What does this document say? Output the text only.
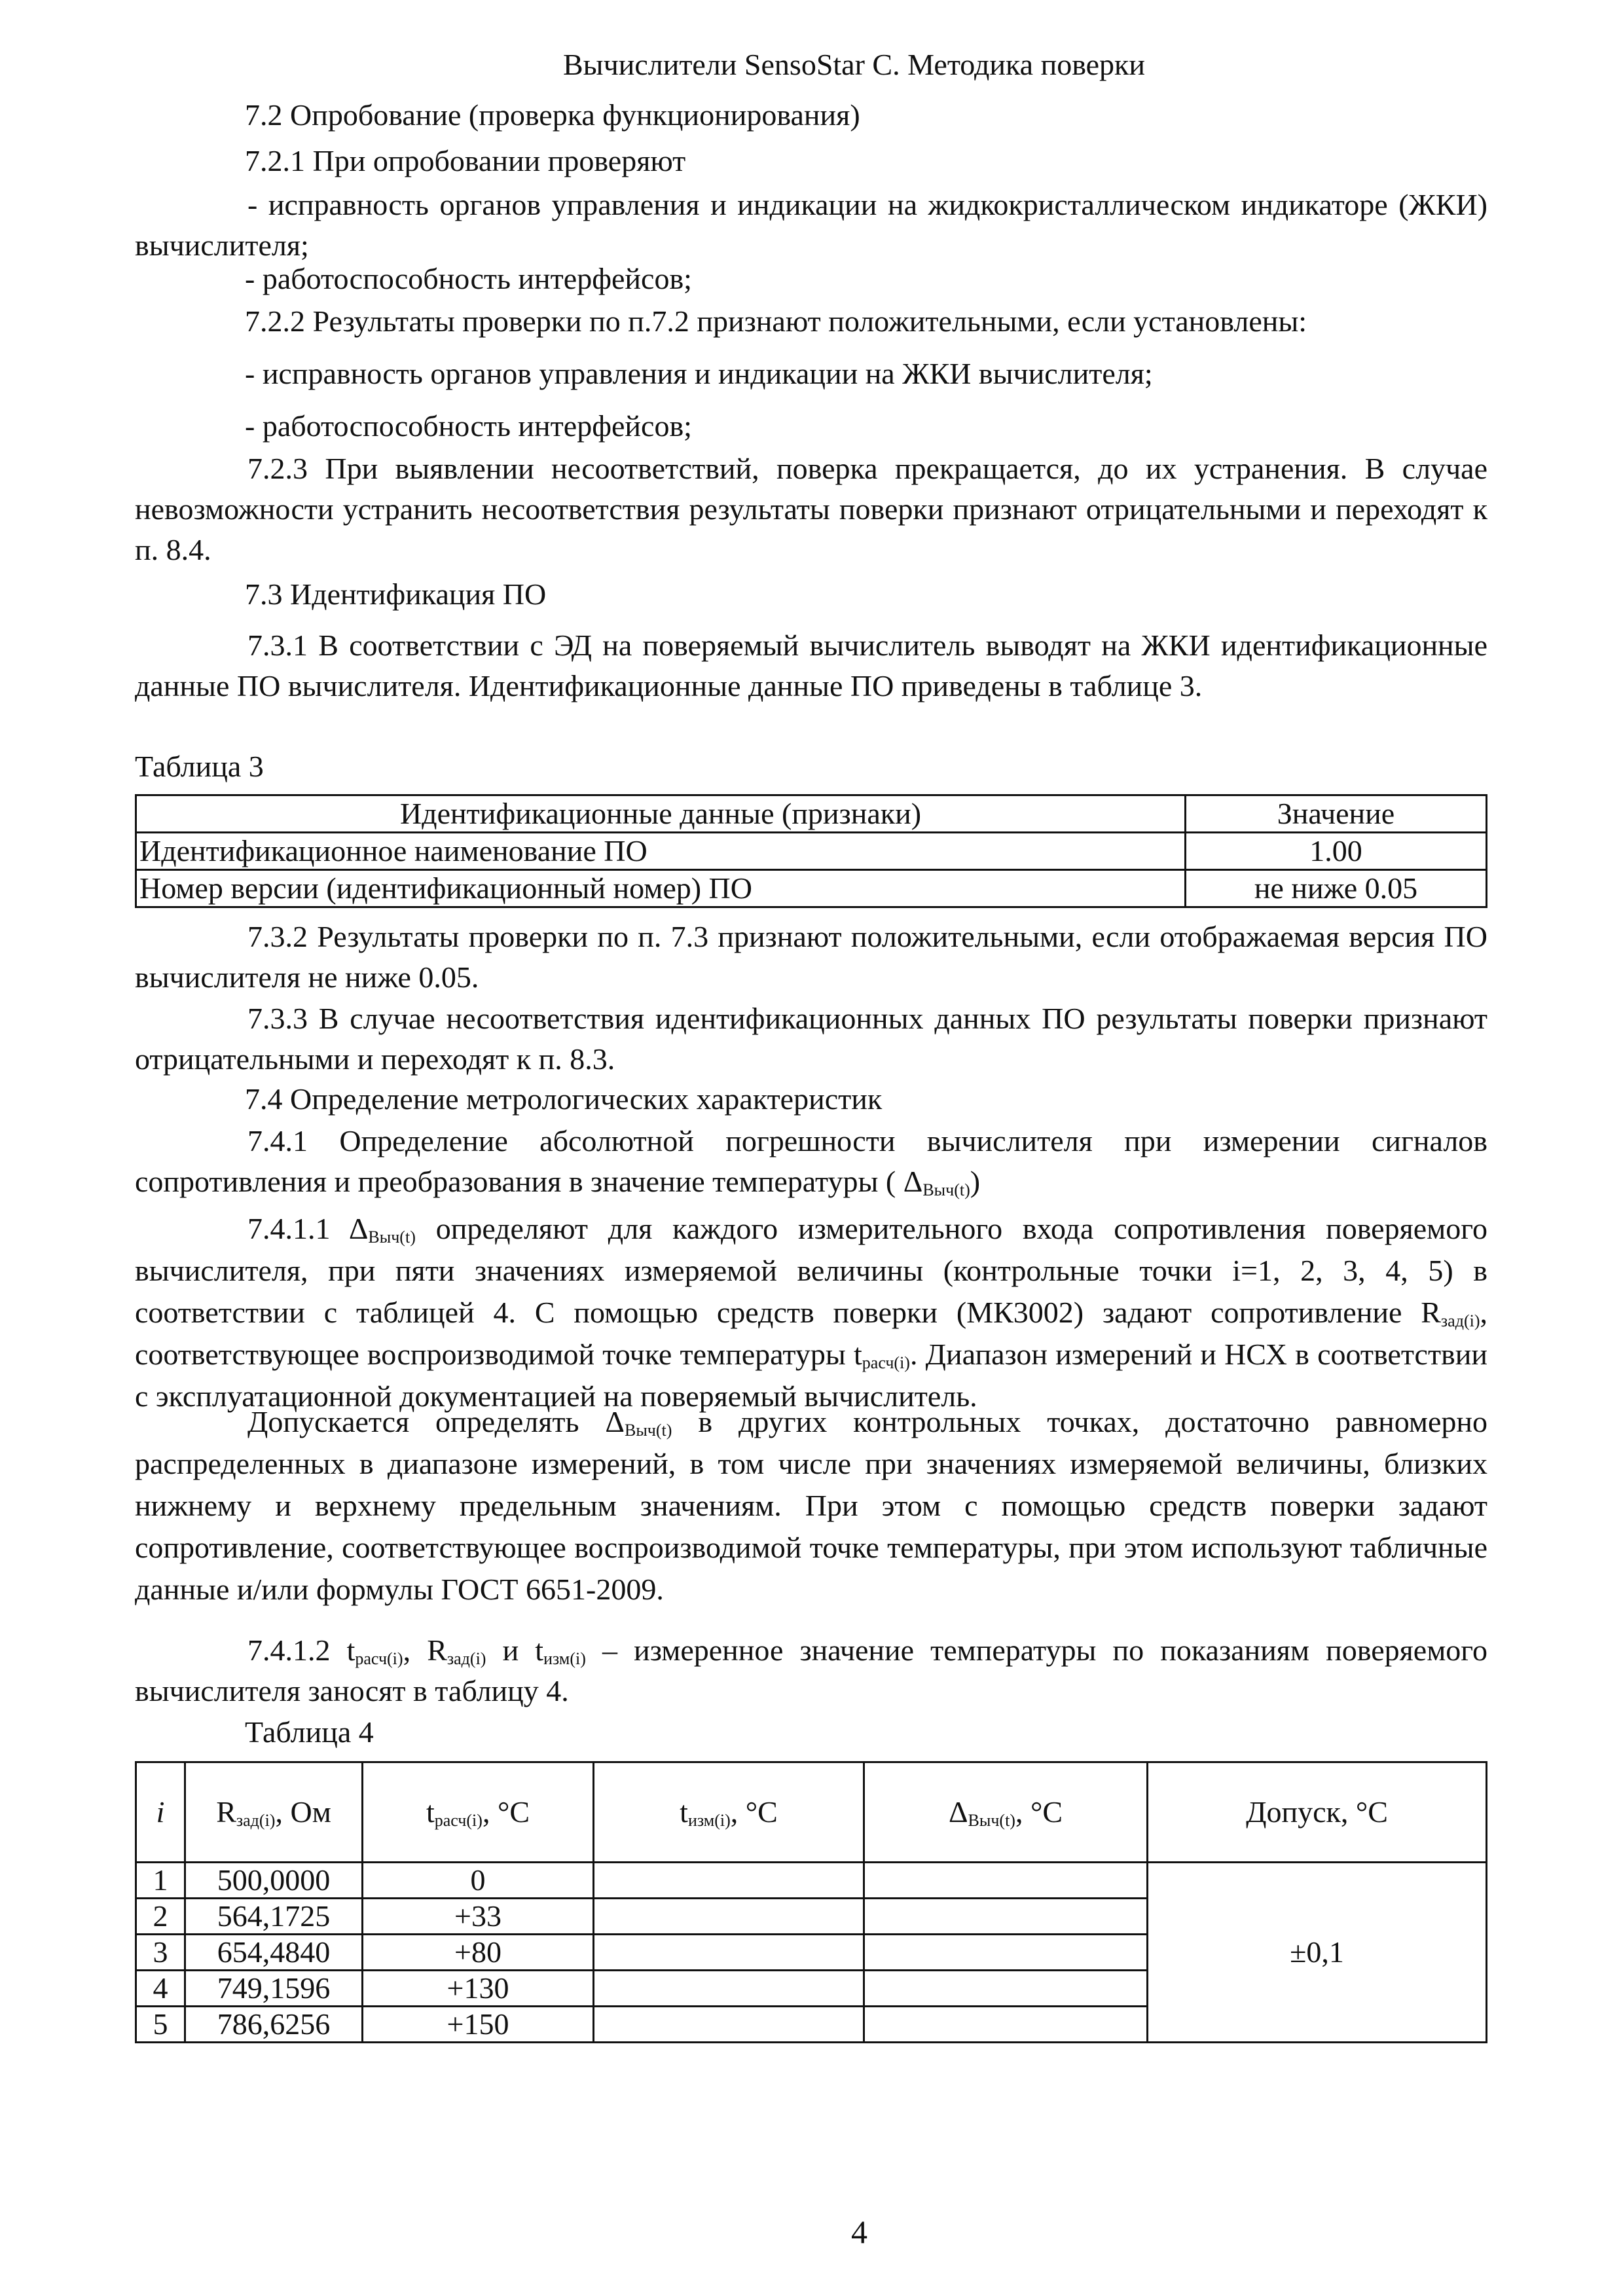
Вычислители SensoStar C. Методика поверки
7.2 Опробование (проверка функционирования)
7.2.1 При опробовании проверяют
- исправность органов управления и индикации на жидкокристаллическом индикаторе (ЖКИ) вычислителя;
- работоспособность интерфейсов;
7.2.2 Результаты проверки по п.7.2 признают положительными, если установлены:
- исправность органов управления и индикации на ЖКИ вычислителя;
- работоспособность интерфейсов;
7.2.3 При выявлении несоответствий, поверка прекращается, до их устранения. В случае невозможности устранить несоответствия результаты поверки признают отрицательными и переходят к п. 8.4.
7.3 Идентификация ПО
7.3.1 В соответствии с ЭД на поверяемый вычислитель выводят на ЖКИ идентификационные данные ПО вычислителя. Идентификационные данные ПО приведены в таблице 3.
Таблица 3
Идентификационные данные (признаки)	Значение
Идентификационное наименование ПО	1.00
Номер версии (идентификационный номер) ПО	не ниже 0.05
7.3.2 Результаты проверки по п. 7.3 признают положительными, если отображаемая версия ПО вычислителя не ниже 0.05.
7.3.3 В случае несоответствия идентификационных данных ПО результаты поверки признают отрицательными и переходят к п. 8.3.
7.4 Определение метрологических характеристик
7.4.1 Определение абсолютной погрешности вычислителя при измерении сигналов сопротивления и преобразования в значение температуры ( $\Delta_{Выч(t)}$)
7.4.1.1 $\Delta_{Выч(t)}$ определяют для каждого измерительного входа сопротивления поверяемого вычислителя, при пяти значениях измеряемой величины (контрольные точки i=1, 2, 3, 4, 5) в соответствии с таблицей 4. С помощью средств поверки (МК3002) задают сопротивление $R_{зад(i)}$, соответствующее воспроизводимой точке температуры $t_{расч(i)}$. Диапазон измерений и НСХ в соответствии с эксплуатационной документацией на поверяемый вычислитель.
Допускается определять $\Delta_{Выч(t)}$ в других контрольных точках, достаточно равномерно распределенных в диапазоне измерений, в том числе при значениях измеряемой величины, близких нижнему и верхнему предельным значениям. При этом с помощью средств поверки задают сопротивление, соответствующее воспроизводимой точке температуры, при этом используют табличные данные и/или формулы ГОСТ 6651-2009.
7.4.1.2 $t_{расч(i)}$, $R_{зад(i)}$ и $t_{изм(i)}$ – измеренное значение температуры по показаниям поверяемого вычислителя заносят в таблицу 4.
Таблица 4
i	$R_{зад(i)}$, Ом	$t_{расч(i)}$, °С	$t_{изм(i)}$, °С	$\Delta_{Выч(t)}$, °С	Допуск, °С
1	500,0000	0			±0,1
2	564,1725	+33			
3	654,4840	+80			
4	749,1596	+130			
5	786,6256	+150			
4
